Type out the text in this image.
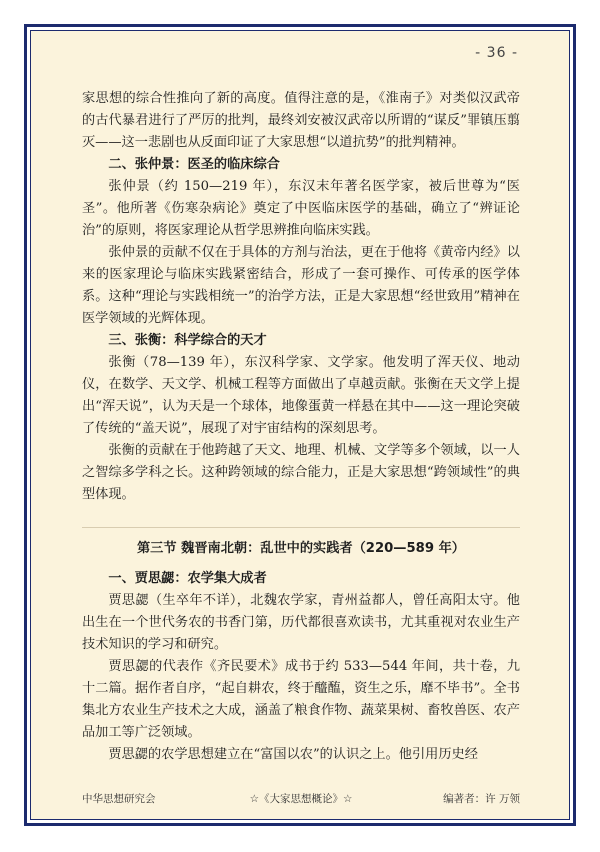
- 36 -

家思想的综合性推向了新的高度。值得注意的是，《淮南子》对类似汉武帝的古代暴君进行了严厉的批判，最终刘安被汉武帝以所谓的“谋反”罪镇压翦灭——这一悲剧也从反面印证了大家思想“以道抗势”的批判精神。

二、张仲景：医圣的临床综合

张仲景（约 150—219 年），东汉末年著名医学家，被后世尊为“医圣”。他所著《伤寒杂病论》奠定了中医临床医学的基础，确立了“辨证论治”的原则，将医家理论从哲学思辨推向临床实践。

张仲景的贡献不仅在于具体的方剂与治法，更在于他将《黄帝内经》以来的医家理论与临床实践紧密结合，形成了一套可操作、可传承的医学体系。这种“理论与实践相统一”的治学方法，正是大家思想“经世致用”精神在医学领域的光辉体现。

三、张衡：科学综合的天才

张衡（78—139 年），东汉科学家、文学家。他发明了浑天仪、地动仪，在数学、天文学、机械工程等方面做出了卓越贡献。张衡在天文学上提出“浑天说”，认为天是一个球体，地像蛋黄一样悬在其中——这一理论突破了传统的“盖天说”，展现了对宇宙结构的深刻思考。

张衡的贡献在于他跨越了天文、地理、机械、文学等多个领域，以一人之智综多学科之长。这种跨领域的综合能力，正是大家思想“跨领域性”的典型体现。

第三节 魏晋南北朝：乱世中的实践者（220—589 年）
一、贾思勰：农学集大成者

贾思勰（生卒年不详），北魏农学家，青州益都人，曾任高阳太守。他出生在一个世代务农的书香门第，历代都很喜欢读书，尤其重视对农业生产技术知识的学习和研究。

贾思勰的代表作《齐民要术》成书于约 533—544 年间，共十卷，九十二篇。据作者自序，“起自耕农，终于醯醢，资生之乐，靡不毕书”。全书集北方农业生产技术之大成，涵盖了粮食作物、蔬菜果树、畜牧兽医、农产品加工等广泛领域。

贾思勰的农学思想建立在“富国以农”的认识之上。他引用历史经

中华思想研究会	☆《大家思想概论》☆	编著者：许 万领
